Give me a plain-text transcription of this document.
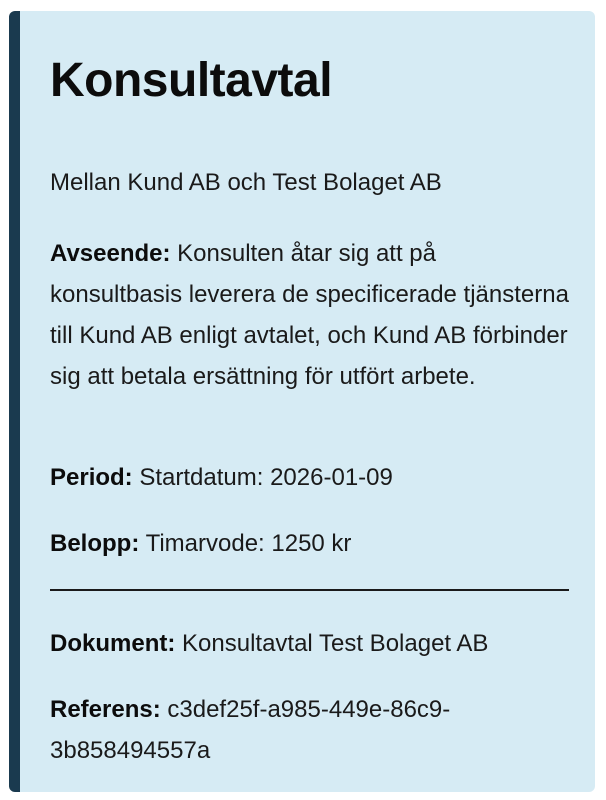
Konsultavtal

Mellan Kund AB och Test Bolaget AB

Avseende: Konsulten åtar sig att på konsultbasis leverera de specificerade tjänsterna till Kund AB enligt avtalet, och Kund AB förbinder sig att betala ersättning för utfört arbete.

Period: Startdatum: 2026-01-09

Belopp: Timarvode: 1250 kr

Dokument: Konsultavtal Test Bolaget AB

Referens: c3def25f-a985-449e-86c9-3b858494557a
